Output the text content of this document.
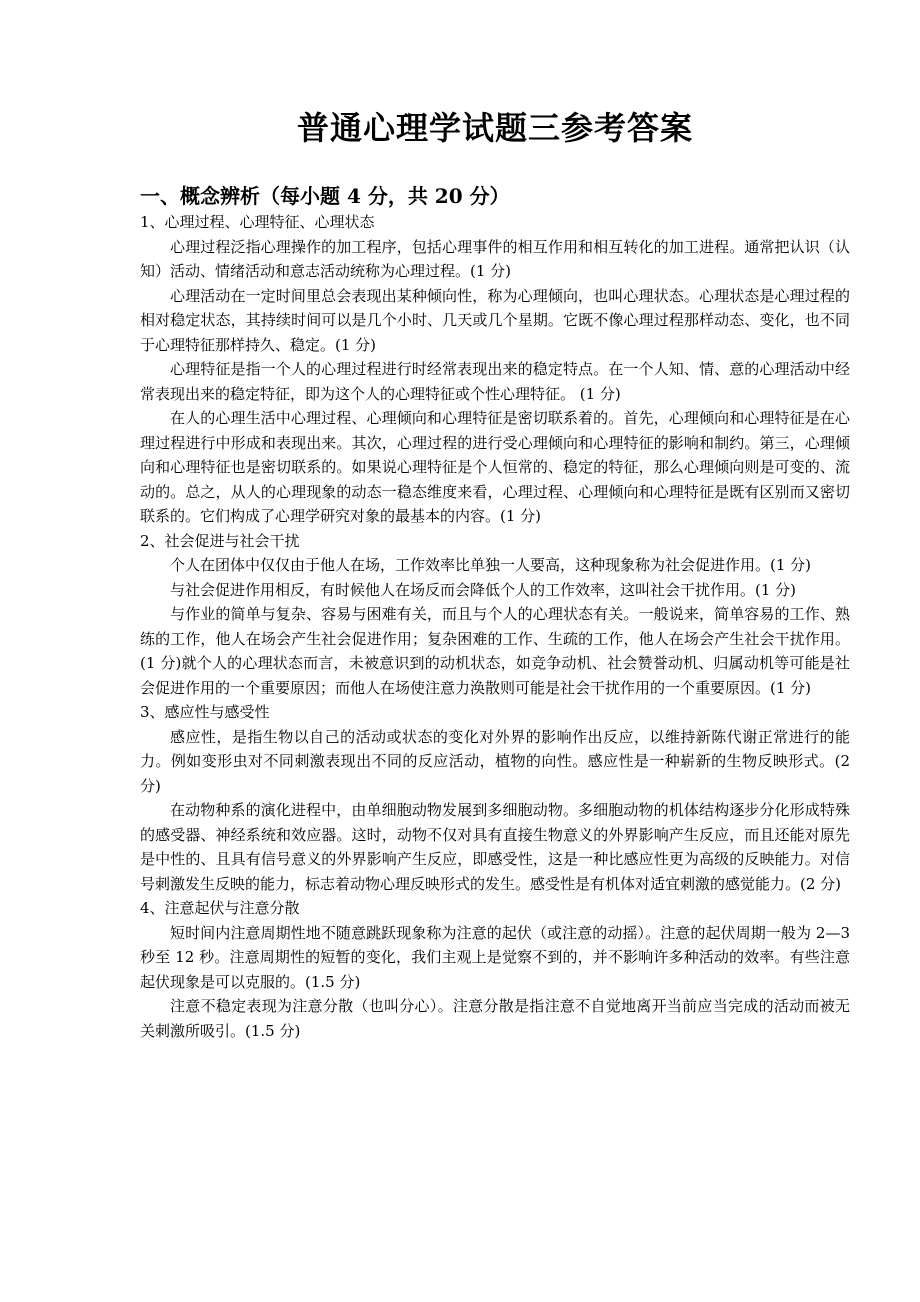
普通心理学试题三参考答案
一、概念辨析（每小题 4 分，共 20 分）
1、心理过程、心理特征、心理状态
心理过程泛指心理操作的加工程序，包括心理事件的相互作用和相互转化的加工进程。通常把认识（认知）活动、情绪活动和意志活动统称为心理过程。(1 分)
心理活动在一定时间里总会表现出某种倾向性，称为心理倾向，也叫心理状态。心理状态是心理过程的相对稳定状态，其持续时间可以是几个小时、几天或几个星期。它既不像心理过程那样动态、变化，也不同于心理特征那样持久、稳定。(1 分)
心理特征是指一个人的心理过程进行时经常表现出来的稳定特点。在一个人知、情、意的心理活动中经常表现出来的稳定特征，即为这个人的心理特征或个性心理特征。 (1 分)
在人的心理生活中心理过程、心理倾向和心理特征是密切联系着的。首先，心理倾向和心理特征是在心理过程进行中形成和表现出来。其次，心理过程的进行受心理倾向和心理特征的影响和制约。第三，心理倾向和心理特征也是密切联系的。如果说心理特征是个人恒常的、稳定的特征，那么心理倾向则是可变的、流动的。总之，从人的心理现象的动态一稳态维度来看，心理过程、心理倾向和心理特征是既有区别而又密切联系的。它们构成了心理学研究对象的最基本的内容。(1 分)
2、社会促进与社会干扰
个人在团体中仅仅由于他人在场，工作效率比单独一人要高，这种现象称为社会促进作用。(1 分)
与社会促进作用相反，有时候他人在场反而会降低个人的工作效率，这叫社会干扰作用。(1 分)
与作业的简单与复杂、容易与困难有关，而且与个人的心理状态有关。一般说来，简单容易的工作、熟练的工作，他人在场会产生社会促进作用；复杂困难的工作、生疏的工作，他人在场会产生社会干扰作用。(1 分)就个人的心理状态而言，未被意识到的动机状态，如竞争动机、社会赞誉动机、归属动机等可能是社会促进作用的一个重要原因；而他人在场使注意力涣散则可能是社会干扰作用的一个重要原因。(1 分)
3、感应性与感受性
感应性，是指生物以自己的活动或状态的变化对外界的影响作出反应，以维持新陈代谢正常进行的能力。例如变形虫对不同刺激表现出不同的反应活动，植物的向性。感应性是一种崭新的生物反映形式。(2 分)
在动物种系的演化进程中，由单细胞动物发展到多细胞动物。多细胞动物的机体结构逐步分化形成特殊的感受器、神经系统和效应器。这时，动物不仅对具有直接生物意义的外界影响产生反应，而且还能对原先是中性的、且具有信号意义的外界影响产生反应，即感受性，这是一种比感应性更为高级的反映能力。对信号刺激发生反映的能力，标志着动物心理反映形式的发生。感受性是有机体对适宜刺激的感觉能力。(2 分)
4、注意起伏与注意分散
短时间内注意周期性地不随意跳跃现象称为注意的起伏（或注意的动摇）。注意的起伏周期一般为 2—3 秒至 12 秒。注意周期性的短暂的变化，我们主观上是觉察不到的，并不影响许多种活动的效率。有些注意起伏现象是可以克服的。(1.5 分)
注意不稳定表现为注意分散（也叫分心）。注意分散是指注意不自觉地离开当前应当完成的活动而被无关刺激所吸引。(1.5 分)
